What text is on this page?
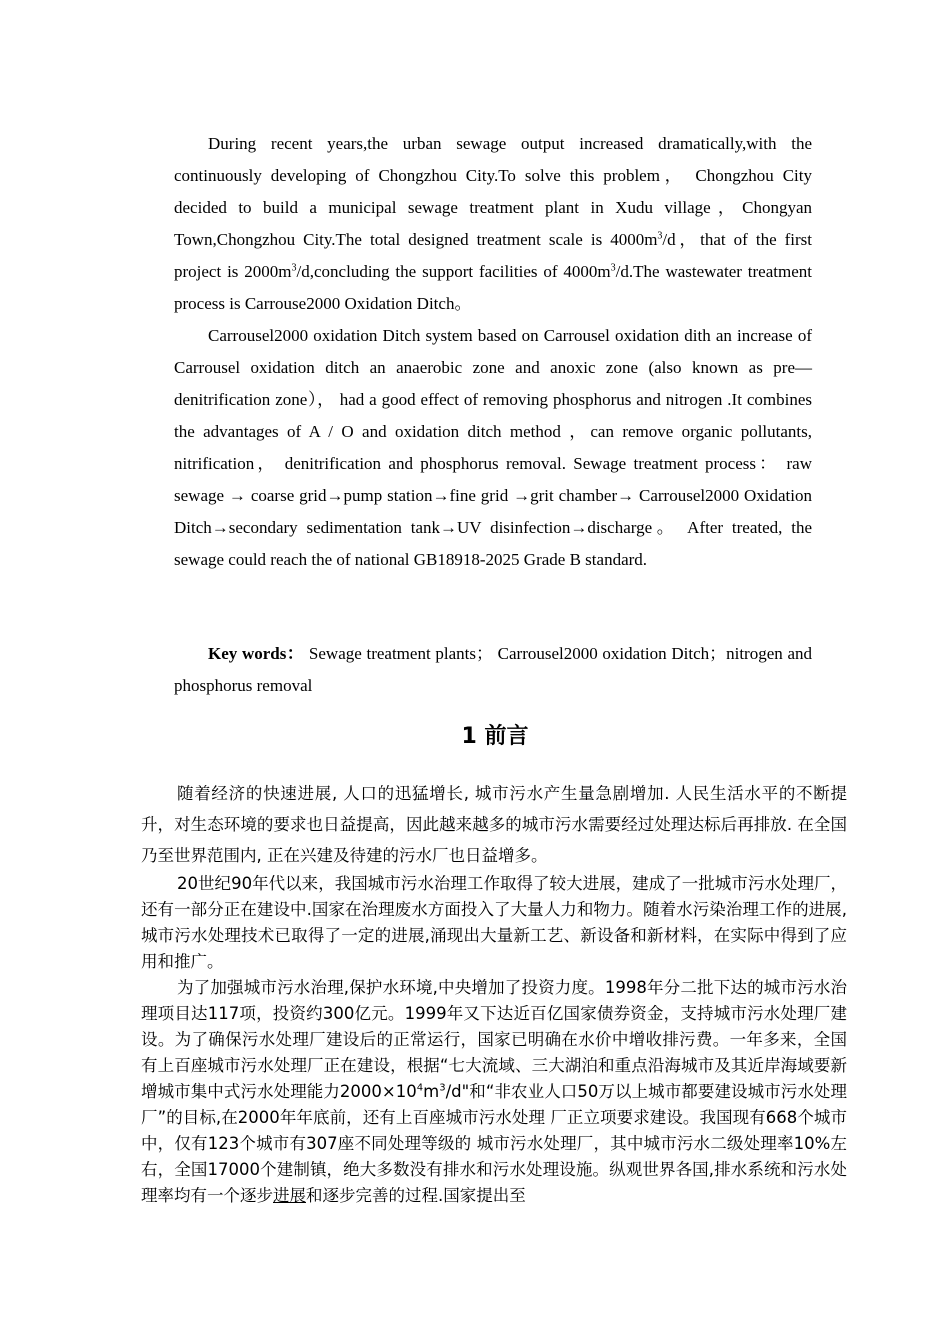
During recent years,the urban sewage output increased dramatically,with the continuously developing of Chongzhou City.To solve this problem， Chongzhou City decided to build a municipal sewage treatment plant in Xudu village，Chongyan Town,Chongzhou City.The total designed treatment scale is $4000m^3/d$，that of the first project is $2000m^3/d,concluding$ the support facilities of $4000m^3/d.The$ wastewater treatment process is Carrouse2000 Oxidation Ditch。

Carrousel2000 oxidation Ditch system based on Carrousel oxidation dith an increase of Carrousel oxidation ditch an anaerobic zone and anoxic zone (also known as pre—denitrification zone）， had a good effect of removing phosphorus and nitrogen .It combines the advantages of A / O and oxidation ditch method ，can remove organic pollutants, nitrification， denitrification and phosphorus removal. Sewage treatment process： raw sewage → coarse grid→pump station→fine grid →grit chamber→ Carrousel2000 Oxidation Ditch→secondary sedimentation tank→UV disinfection→discharge。 After treated, the sewage could reach the of national GB18918-2025 Grade B standard.

Key words： Sewage treatment plants； Carrousel2000 oxidation Ditch；nitrogen and phosphorus removal

1 前言

随着经济的快速进展, 人口的迅猛增长, 城市污水产生量急剧增加. 人民生活水平的不断提升，对生态环境的要求也日益提高，因此越来越多的城市污水需要经过处理达标后再排放. 在全国乃至世界范围内, 正在兴建及待建的污水厂也日益增多。

20世纪90年代以来，我国城市污水治理工作取得了较大进展，建成了一批城市污水处理厂，还有一部分正在建设中.国家在治理废水方面投入了大量人力和物力。随着水污染治理工作的进展,城市污水处理技术已取得了一定的进展,涌现出大量新工艺、新设备和新材料，在实际中得到了应用和推广。

为了加强城市污水治理,保护水环境,中央增加了投资力度。1998年分二批下达的城市污水治理项目达117项，投资约300亿元。1999年又下达近百亿国家债券资金，支持城市污水处理厂建设。为了确保污水处理厂建设后的正常运行，国家已明确在水价中增收排污费。一年多来，全国有上百座城市污水处理厂正在建设，根据“七大流域、三大湖泊和重点沿海城市及其近岸海域要新增城市集中式污水处理能力$2000\times 10^4m^3/d$"和“非农业人口50万以上城市都要建设城市污水处理厂”的目标,在2000年年底前，还有上百座城市污水处理 厂正立项要求建设。我国现有668个城市中，仅有123个城市有307座不同处理等级的 城市污水处理厂，其中城市污水二级处理率10%左右，全国17000个建制镇，绝大多数没有排水和污水处理设施。纵观世界各国,排水系统和污水处理率均有一个逐步进展和逐步完善的过程.国家提出至
